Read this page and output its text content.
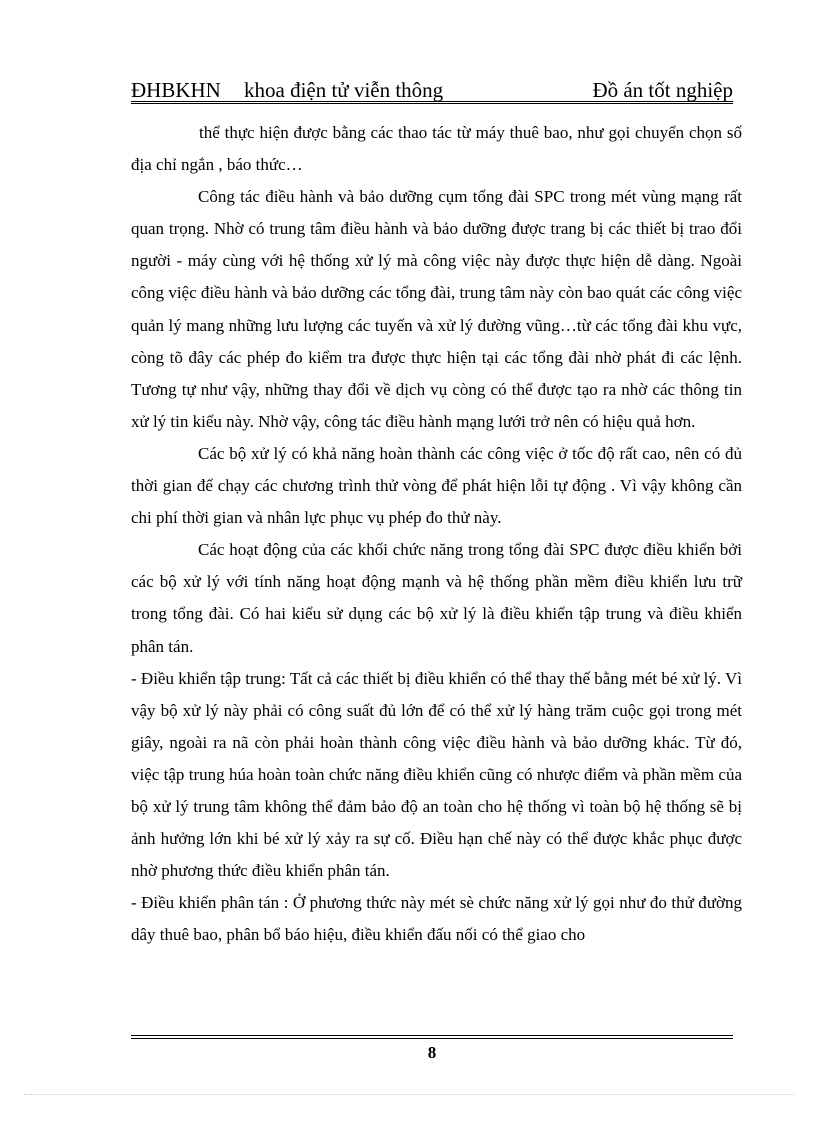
ĐHBKHN khoa điện tử viễn thông	Đồ án tốt nghiệp

thể thực hiện được bằng các thao tác từ máy thuê bao, như gọi chuyển chọn số địa chỉ ngắn , báo thức…

Công tác điều hành và bảo dưỡng cụm tổng đài SPC trong mét vùng mạng rất quan trọng. Nhờ có trung tâm điều hành và bảo dưỡng được trang bị các thiết bị trao đổi người - máy cùng với hệ thống xử lý mà công việc này được thực hiện dễ dàng. Ngoài công việc điều hành và bảo dưỡng các tổng đài, trung tâm này còn bao quát các công việc quản lý mang những lưu lượng các tuyến và xử lý đường vũng…từ các tổng đài khu vực, còng tõ đây các phép đo kiểm tra được thực hiện tại các tổng đài nhờ phát đi các lệnh. Tương tự như vậy, những thay đổi về dịch vụ còng có thể được tạo ra nhờ các thông tin xử lý tin kiểu này. Nhờ vậy, công tác điều hành mạng lưới trở nên có hiệu quả hơn.

Các bộ xử lý có khả năng hoàn thành các công việc ở tốc độ rất cao, nên có đủ thời gian để chạy các chương trình thử vòng để phát hiện lỗi tự động . Vì vậy không cần chi phí thời gian và nhân lực phục vụ phép đo thử này.

Các hoạt động của các khối chức năng trong tổng đài SPC được điều khiển bởi các bộ xử lý với tính năng hoạt động mạnh và hệ thống phần mềm điều khiển lưu trữ trong tổng đài. Có hai kiểu sử dụng các bộ xử lý là điều khiển tập trung và điều khiển phân tán.

- Điều khiển tập trung: Tất cả các thiết bị điều khiển có thể thay thế bằng mét bé xử lý. Vì vậy bộ xử lý này phải có công suất đủ lớn để có thể xử lý hàng trăm cuộc gọi trong mét giây, ngoài ra nã còn phải hoàn thành công việc điều hành và bảo dưỡng khác. Từ đó, việc tập trung húa hoàn toàn chức năng điều khiển cũng có nhược điểm và phần mềm của bộ xử lý trung tâm không thể đảm bảo độ an toàn cho hệ thống vì toàn bộ hệ thống sẽ bị ảnh hưởng lớn khi bé xử lý xảy ra sự cố. Điều hạn chế này có thể được khắc phục được nhờ phương thức điều khiển phân tán.

- Điều khiển phân tán : Ở phương thức này mét sè chức năng xử lý gọi như đo thử đường dây thuê bao, phân bổ báo hiệu, điều khiển đấu nối có thể giao cho

8
